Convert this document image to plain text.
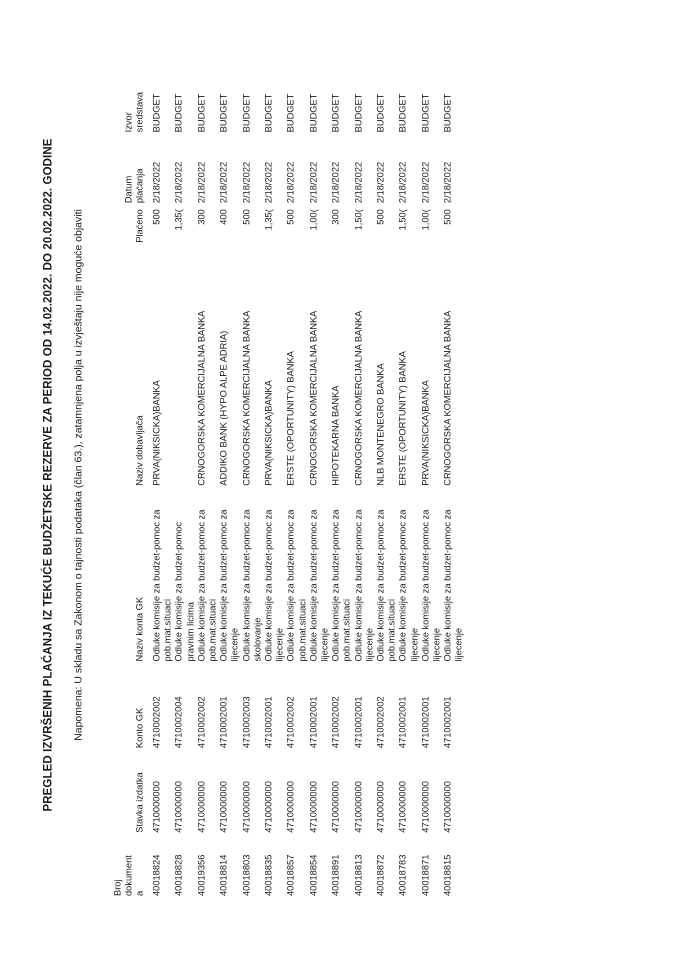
PREGLED IZVRŠENIH PLAĆANJA IZ TEKUĆE BUDŽETSKE REZERVE ZA PERIOD OD 14.02.2022. DO 20.02.2022. GODINE Napomena: U skladu sa Zakonom o tajnosti podataka (član 63.), zatamnjena polja u izvještaju nije moguće objaviti
Broj dokument a	Stavka izdatka	Konto GK	Naziv konta GK	Naziv dobavljača	Plaćeno	Datum plaćanja	Izvor sredstava

40018824	4710000000	4710002002	Odluke komisije za budzet-pomoc za pob.mat.situaci	PRVA(NIKSICKA)BANKA	500	2/18/2022	BUDGET
40018828	4710000000	4710002004	Odluke komisije za budzet-pomoc pravnim licima		1,35(	2/18/2022	BUDGET
40019356	4710000000	4710002002	Odluke komisije za budzet-pomoc za pob.mat.situaci	CRNOGORSKA KOMERCIJALNA BANKA	300	2/18/2022	BUDGET
40018814	4710000000	4710002001	Odluke komisije za budzet-pomoc za lijecenje	ADDIKO BANK (HYPO ALPE ADRIA)	400	2/18/2022	BUDGET
40018803	4710000000	4710002003	Odluke komisije za budzet-pomoc za skolovanje	CRNOGORSKA KOMERCIJALNA BANKA	500	2/18/2022	BUDGET
40018835	4710000000	4710002001	Odluke komisije za budzet-pomoc za lijecenje	PRVA(NIKSICKA)BANKA	1,35(	2/18/2022	BUDGET
40018857	4710000000	4710002002	Odluke komisije za budzet-pomoc za pob.mat.situaci	ERSTE (OPORTUNITY) BANKA	500	2/18/2022	BUDGET
40018854	4710000000	4710002001	Odluke komisije za budzet-pomoc za lijecenje	CRNOGORSKA KOMERCIJALNA BANKA	1,00(	2/18/2022	BUDGET
40018891	4710000000	4710002002	Odluke komisije za budzet-pomoc za pob.mat.situaci	HIPOTEKARNA BANKA	300	2/18/2022	BUDGET
40018813	4710000000	4710002001	Odluke komisije za budzet-pomoc za lijecenje	CRNOGORSKA KOMERCIJALNA BANKA	1,50(	2/18/2022	BUDGET
40018872	4710000000	4710002002	Odluke komisije za budzet-pomoc za pob.mat.situaci	NLB MONTENEGRO BANKA	500	2/18/2022	BUDGET
40018783	4710000000	4710002001	Odluke komisije za budzet-pomoc za lijecenje	ERSTE (OPORTUNITY) BANKA	1,50(	2/18/2022	BUDGET
40018871	4710000000	4710002001	Odluke komisije za budzet-pomoc za lijecenje	PRVA(NIKSICKA)BANKA	1,00(	2/18/2022	BUDGET
40018815	4710000000	4710002001	Odluke komisije za budzet-pomoc za lijecenje	CRNOGORSKA KOMERCIJALNA BANKA	500	2/18/2022	BUDGET
